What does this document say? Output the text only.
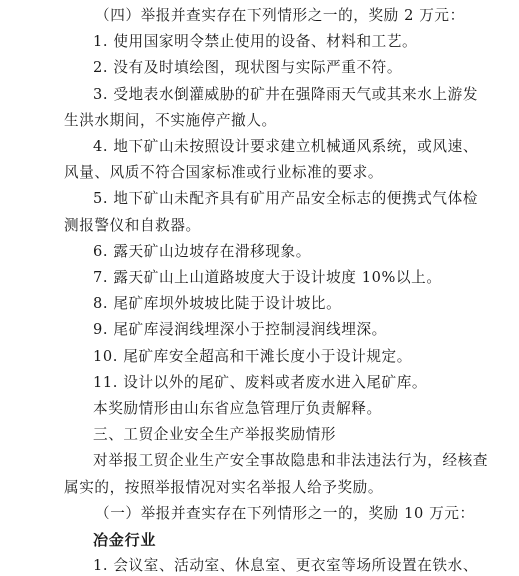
（四）举报并查实存在下列情形之一的，奖励 2 万元：
1. 使用国家明令禁止使用的设备、材料和工艺。
2. 没有及时填绘图，现状图与实际严重不符。
3. 受地表水倒灌威胁的矿井在强降雨天气或其来水上游发
生洪水期间，不实施停产撤人。
4. 地下矿山未按照设计要求建立机械通风系统，或风速、
风量、风质不符合国家标准或行业标准的要求。
5. 地下矿山未配齐具有矿用产品安全标志的便携式气体检
测报警仪和自救器。
6. 露天矿山边坡存在滑移现象。
7. 露天矿山上山道路坡度大于设计坡度 10%以上。
8. 尾矿库坝外坡坡比陡于设计坡比。
9. 尾矿库浸润线埋深小于控制浸润线埋深。
10. 尾矿库安全超高和干滩长度小于设计规定。
11. 设计以外的尾矿、废料或者废水进入尾矿库。
本奖励情形由山东省应急管理厅负责解释。
三、工贸企业安全生产举报奖励情形
对举报工贸企业生产安全事故隐患和非法违法行为，经核查
属实的，按照举报情况对实名举报人给予奖励。
（一）举报并查实存在下列情形之一的，奖励 10 万元：
冶金行业
1. 会议室、活动室、休息室、更衣室等场所设置在铁水、
